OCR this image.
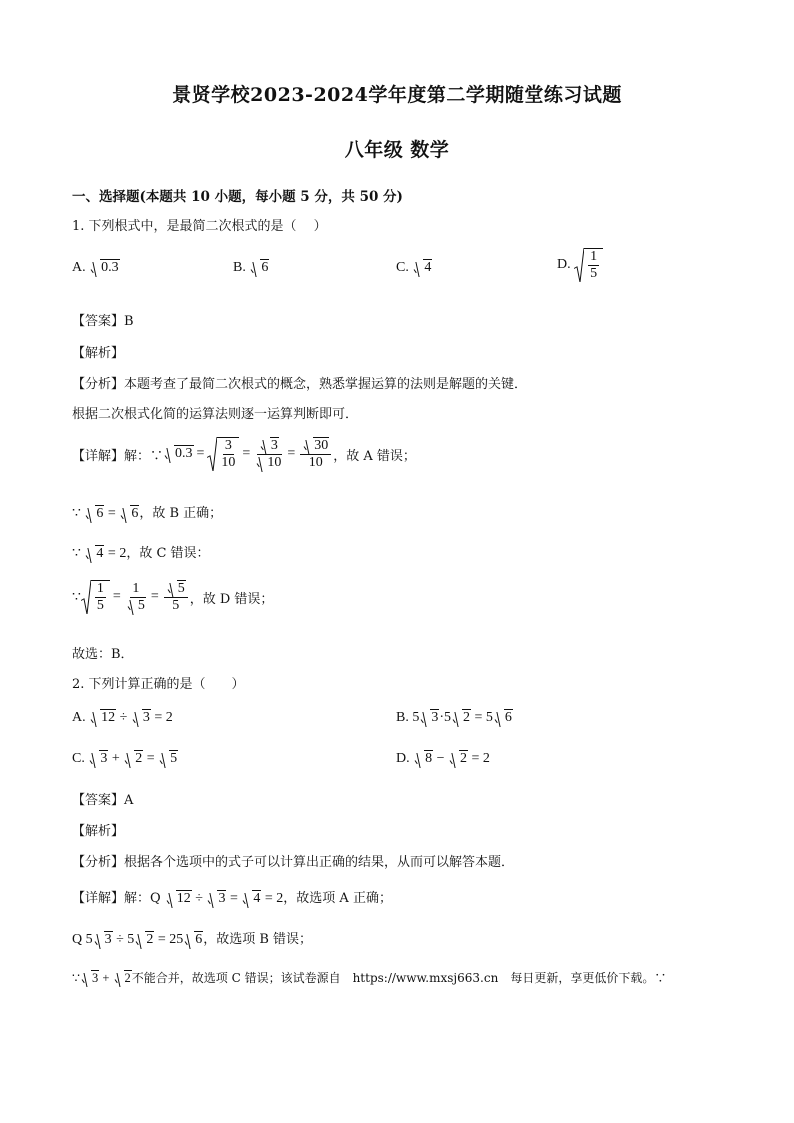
景贤学校2023-2024学年度第二学期随堂练习试题
八年级 数学
一、选择题(本题共 10 小题，每小题 5 分，共 50 分)
1. 下列根式中，是最简二次根式的是（　 ）
A. 0.3	B. 6	C. 4	D. $\frac{1}{5}$
【答案】B
【解析】
【分析】本题考查了最简二次根式的概念，熟悉掌握运算的法则是解题的关键．
根据二次根式化简的运算法则逐一运算判断即可．
【详解】解：∵ $0.3 = \frac{3}{10} = \frac{3}{10} = \frac{30}{10}$ ，故 A 错误；
∵ 6 = 6，故 B 正确；
∵ 4 = 2，故 C 错误：
∵ $\frac{1}{5} = \frac{1}{5} = \frac{5}{5}$ ，故 D 错误；
故选：B．
2. 下列计算正确的是（　　）
A. 12 ÷ 3 = 2	B. 5 3·5 2 = 5 6
C. 3 + 2 = 5	D. 8 − 2 = 2
【答案】A
【解析】
【分析】根据各个选项中的式子可以计算出正确的结果，从而可以解答本题．
【详解】解：Q 12 ÷ 3 = 4 = 2，故选项 A 正确；
Q 5 3 ÷ 5 2 = 25 6，故选项 B 错误；
∵ 3 + 2不能合并，故选项 C 错误；该试卷源自　https://www.mxsj663.cn　每日更新，享更低价下载。∵
